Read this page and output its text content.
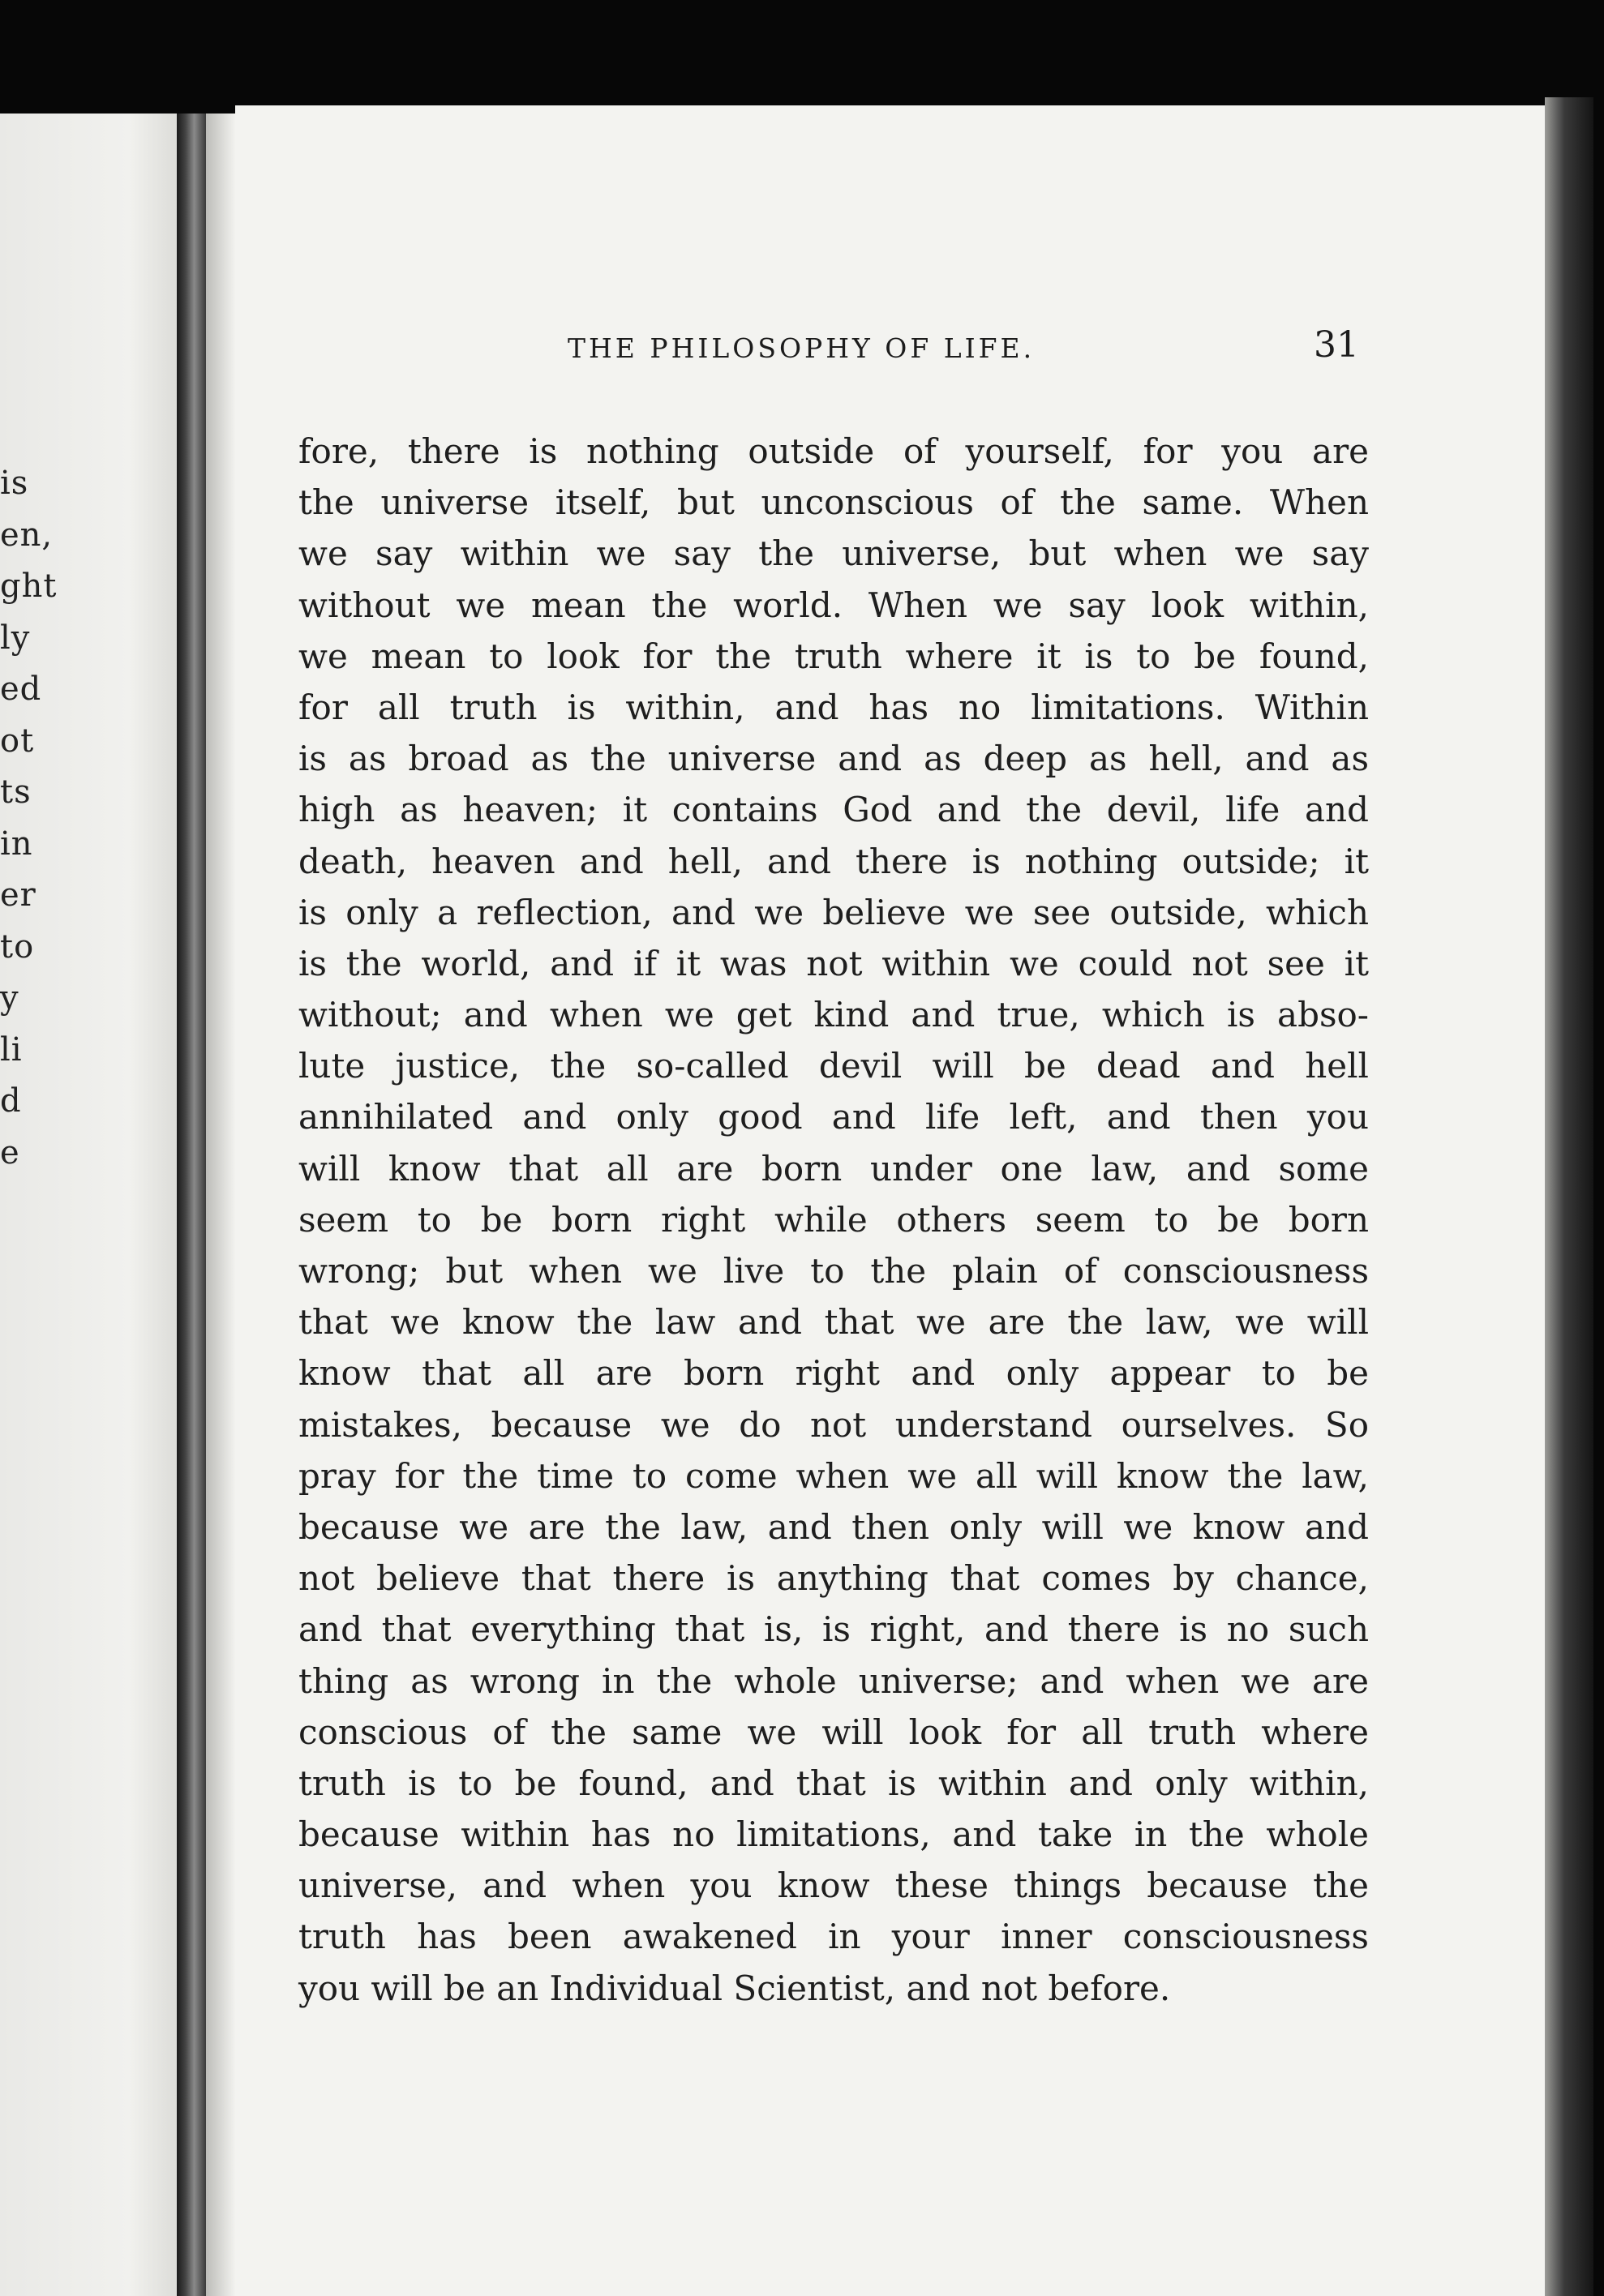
is
en,
ght
ly
ed
ot
ts
in
er
to
y
li
d
e
THE PHILOSOPHY OF LIFE.	31
fore, there is nothing outside of yourself, for you are
the universe itself, but unconscious of the same. When
we say within we say the universe, but when we say
without we mean the world. When we say look within,
we mean to look for the truth where it is to be found,
for all truth is within, and has no limitations. Within
is as broad as the universe and as deep as hell, and as
high as heaven; it contains God and the devil, life and
death, heaven and hell, and there is nothing outside; it
is only a reflection, and we believe we see outside, which
is the world, and if it was not within we could not see it
without; and when we get kind and true, which is abso-
lute justice, the so-called devil will be dead and hell
annihilated and only good and life left, and then you
will know that all are born under one law, and some
seem to be born right while others seem to be born
wrong; but when we live to the plain of consciousness
that we know the law and that we are the law, we will
know that all are born right and only appear to be
mistakes, because we do not understand ourselves. So
pray for the time to come when we all will know the law,
because we are the law, and then only will we know and
not believe that there is anything that comes by chance,
and that everything that is, is right, and there is no such
thing as wrong in the whole universe; and when we are
conscious of the same we will look for all truth where
truth is to be found, and that is within and only within,
because within has no limitations, and take in the whole
universe, and when you know these things because the
truth has been awakened in your inner consciousness
you will be an Individual Scientist, and not before.
